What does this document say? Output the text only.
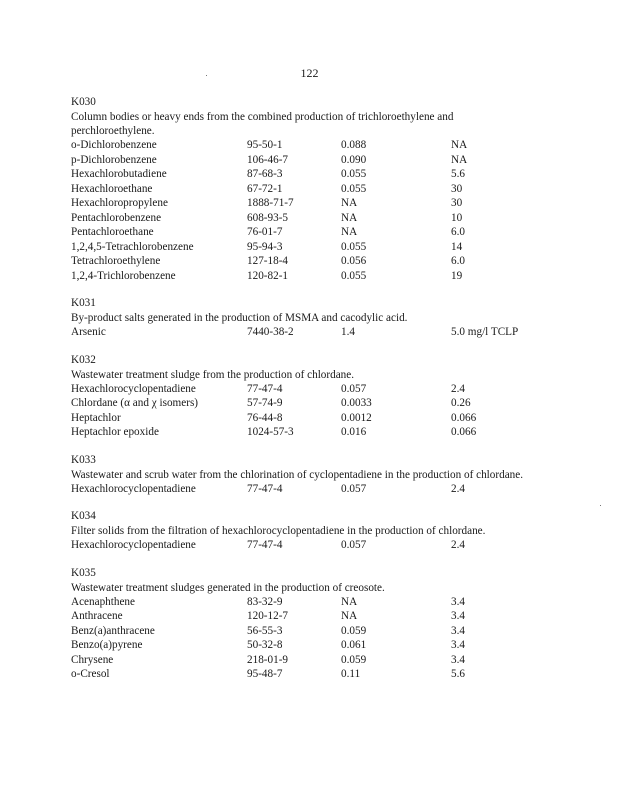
122
K030
Column bodies or heavy ends from the combined production of trichloroethylene and perchloroethylene.
o-Dichlorobenzene	95-50-1	0.088	NA
p-Dichlorobenzene	106-46-7	0.090	NA
Hexachlorobutadiene	87-68-3	0.055	5.6
Hexachloroethane	67-72-1	0.055	30
Hexachloropropylene	1888-71-7	NA	30
Pentachlorobenzene	608-93-5	NA	10
Pentachloroethane	76-01-7	NA	6.0
1,2,4,5-Tetrachlorobenzene	95-94-3	0.055	14
Tetrachloroethylene	127-18-4	0.056	6.0
1,2,4-Trichlorobenzene	120-82-1	0.055	19
K031
By-product salts generated in the production of MSMA and cacodylic acid.
Arsenic	7440-38-2	1.4	5.0 mg/l TCLP
K032
Wastewater treatment sludge from the production of chlordane.
Hexachlorocyclopentadiene	77-47-4	0.057	2.4
Chlordane (α and χ isomers)	57-74-9	0.0033	0.26
Heptachlor	76-44-8	0.0012	0.066
Heptachlor epoxide	1024-57-3	0.016	0.066
K033
Wastewater and scrub water from the chlorination of cyclopentadiene in the production of chlordane.
Hexachlorocyclopentadiene	77-47-4	0.057	2.4
K034
Filter solids from the filtration of hexachlorocyclopentadiene in the production of chlordane.
Hexachlorocyclopentadiene	77-47-4	0.057	2.4
K035
Wastewater treatment sludges generated in the production of creosote.
Acenaphthene	83-32-9	NA	3.4
Anthracene	120-12-7	NA	3.4
Benz(a)anthracene	56-55-3	0.059	3.4
Benzo(a)pyrene	50-32-8	0.061	3.4
Chrysene	218-01-9	0.059	3.4
o-Cresol	95-48-7	0.11	5.6
